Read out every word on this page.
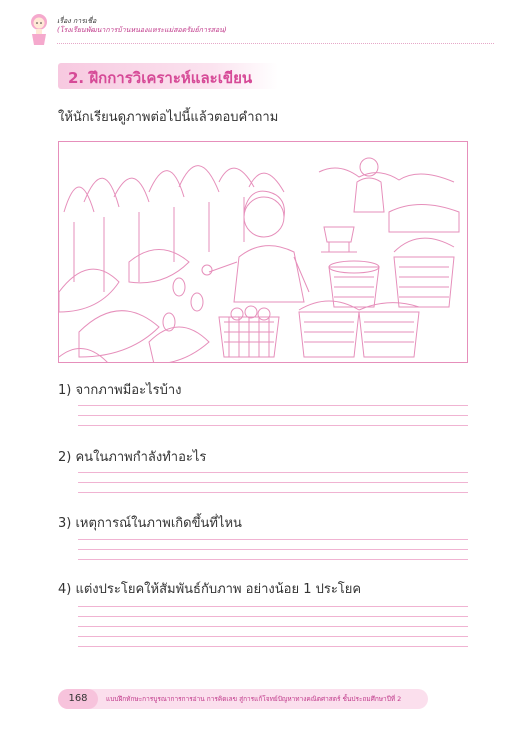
เรื่อง การเชื่อ
(โรงเรียนพัฒนาการบ้านหนองแหระแม่สอดรัมย์การสอน)
2. ฝึกการวิเคราะห์และเขียน
ให้นักเรียนดูภาพต่อไปนี้แล้วตอบคำถาม
1) จากภาพมีอะไรบ้าง
2) คนในภาพกำลังทำอะไร
3) เหตุการณ์ในภาพเกิดขึ้นที่ไหน
4) แต่งประโยคให้สัมพันธ์กับภาพ อย่างน้อย 1 ประโยค
168	แบบฝึกทักษะการบูรณาการการอ่าน การคิดเลข สู่การแก้โจทย์ปัญหาทางคณิตศาสตร์ ชั้นประถมศึกษาปีที่ 2
